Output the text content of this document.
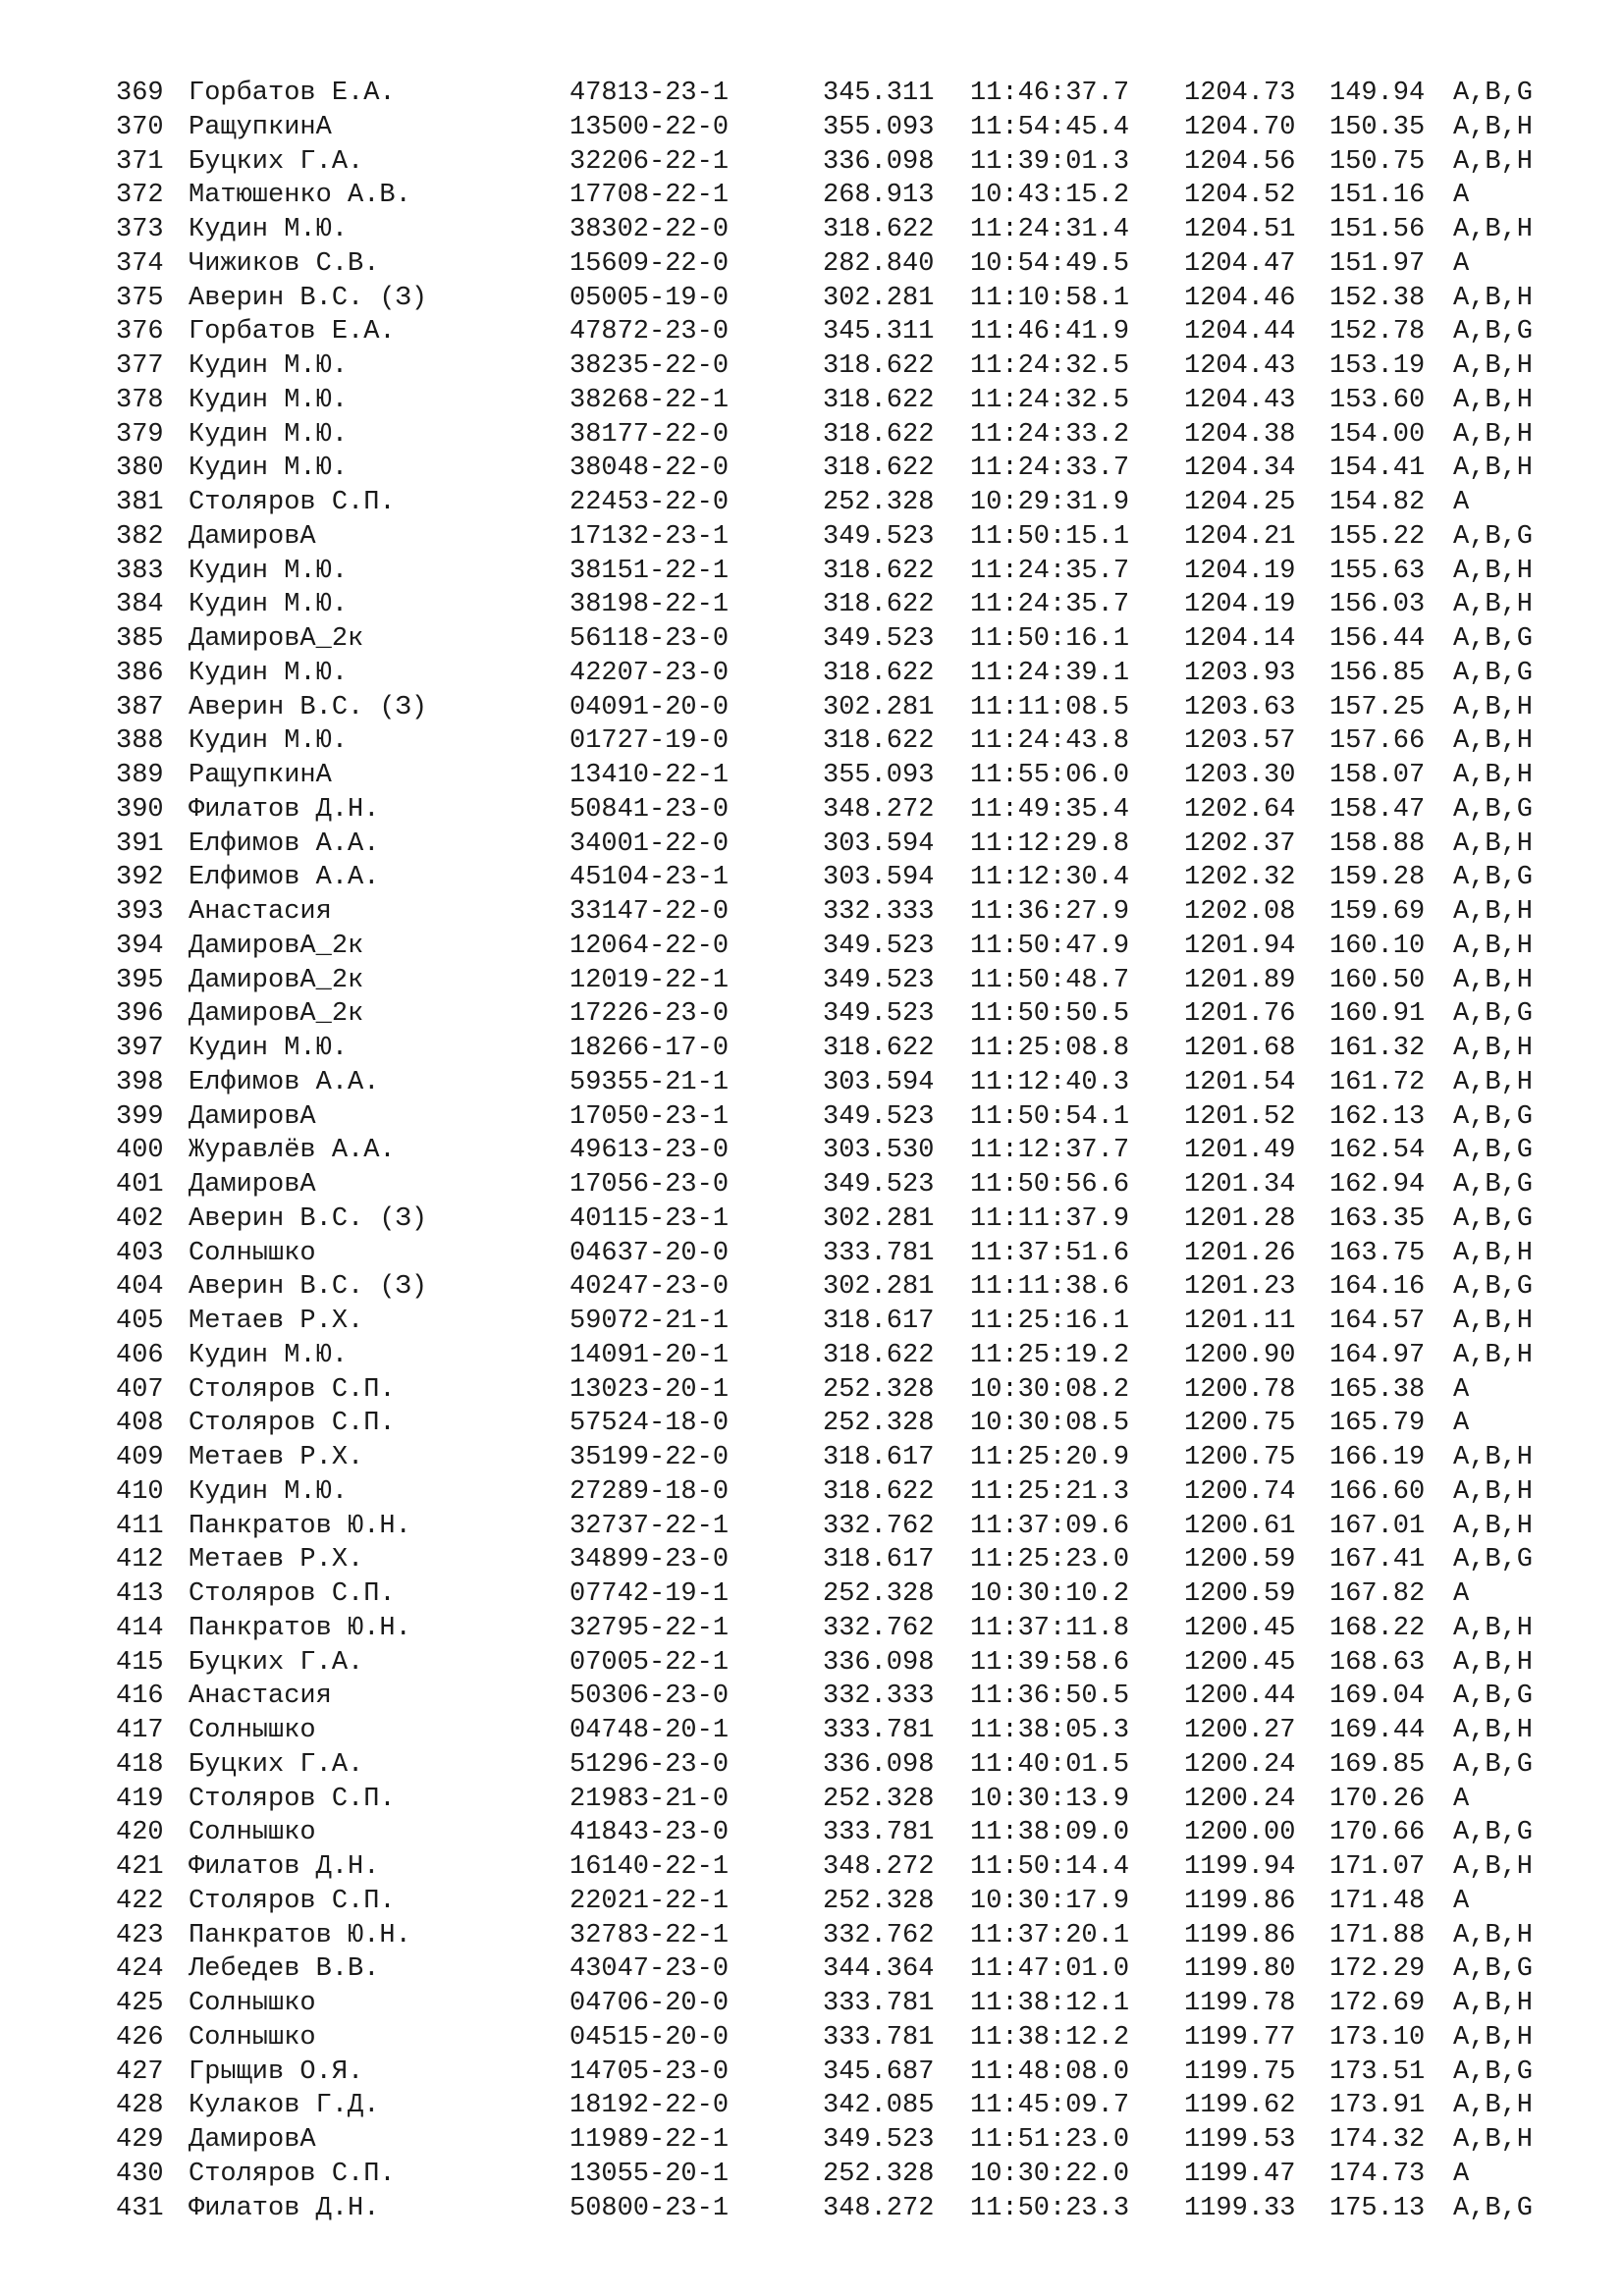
369 Горбатов Е.А.	47813-23-1	345.311 11:46:37.7 1204.73 149.94 A,B,G
370 РащупкинА	13500-22-0	355.093 11:54:45.4 1204.70 150.35 A,B,H
371 Буцких Г.А.	32206-22-1	336.098 11:39:01.3 1204.56 150.75 A,B,H
372 Матюшенко А.В.	17708-22-1	268.913 10:43:15.2 1204.52 151.16 A
373 Кудин М.Ю.	38302-22-0	318.622 11:24:31.4 1204.51 151.56 A,B,H
374 Чижиков С.В.	15609-22-0	282.840 10:54:49.5 1204.47 151.97 A
375 Аверин В.С. (З)	05005-19-0	302.281 11:10:58.1 1204.46 152.38 A,B,H
376 Горбатов Е.А.	47872-23-0	345.311 11:46:41.9 1204.44 152.78 A,B,G
377 Кудин М.Ю.	38235-22-0	318.622 11:24:32.5 1204.43 153.19 A,B,H
378 Кудин М.Ю.	38268-22-1	318.622 11:24:32.5 1204.43 153.60 A,B,H
379 Кудин М.Ю.	38177-22-0	318.622 11:24:33.2 1204.38 154.00 A,B,H
380 Кудин М.Ю.	38048-22-0	318.622 11:24:33.7 1204.34 154.41 A,B,H
381 Столяров С.П.	22453-22-0	252.328 10:29:31.9 1204.25 154.82 A
382 ДамировА	17132-23-1	349.523 11:50:15.1 1204.21 155.22 A,B,G
383 Кудин М.Ю.	38151-22-1	318.622 11:24:35.7 1204.19 155.63 A,B,H
384 Кудин М.Ю.	38198-22-1	318.622 11:24:35.7 1204.19 156.03 A,B,H
385 ДамировА_2к	56118-23-0	349.523 11:50:16.1 1204.14 156.44 A,B,G
386 Кудин М.Ю.	42207-23-0	318.622 11:24:39.1 1203.93 156.85 A,B,G
387 Аверин В.С. (З)	04091-20-0	302.281 11:11:08.5 1203.63 157.25 A,B,H
388 Кудин М.Ю.	01727-19-0	318.622 11:24:43.8 1203.57 157.66 A,B,H
389 РащупкинА	13410-22-1	355.093 11:55:06.0 1203.30 158.07 A,B,H
390 Филатов Д.Н.	50841-23-0	348.272 11:49:35.4 1202.64 158.47 A,B,G
391 Елфимов А.А.	34001-22-0	303.594 11:12:29.8 1202.37 158.88 A,B,H
392 Елфимов А.А.	45104-23-1	303.594 11:12:30.4 1202.32 159.28 A,B,G
393 Анастасия	33147-22-0	332.333 11:36:27.9 1202.08 159.69 A,B,H
394 ДамировА_2к	12064-22-0	349.523 11:50:47.9 1201.94 160.10 A,B,H
395 ДамировА_2к	12019-22-1	349.523 11:50:48.7 1201.89 160.50 A,B,H
396 ДамировА_2к	17226-23-0	349.523 11:50:50.5 1201.76 160.91 A,B,G
397 Кудин М.Ю.	18266-17-0	318.622 11:25:08.8 1201.68 161.32 A,B,H
398 Елфимов А.А.	59355-21-1	303.594 11:12:40.3 1201.54 161.72 A,B,H
399 ДамировА	17050-23-1	349.523 11:50:54.1 1201.52 162.13 A,B,G
400 Журавлёв А.А.	49613-23-0	303.530 11:12:37.7 1201.49 162.54 A,B,G
401 ДамировА	17056-23-0	349.523 11:50:56.6 1201.34 162.94 A,B,G
402 Аверин В.С. (З)	40115-23-1	302.281 11:11:37.9 1201.28 163.35 A,B,G
403 Солнышко	04637-20-0	333.781 11:37:51.6 1201.26 163.75 A,B,H
404 Аверин В.С. (З)	40247-23-0	302.281 11:11:38.6 1201.23 164.16 A,B,G
405 Метаев Р.Х.	59072-21-1	318.617 11:25:16.1 1201.11 164.57 A,B,H
406 Кудин М.Ю.	14091-20-1	318.622 11:25:19.2 1200.90 164.97 A,B,H
407 Столяров С.П.	13023-20-1	252.328 10:30:08.2 1200.78 165.38 A
408 Столяров С.П.	57524-18-0	252.328 10:30:08.5 1200.75 165.79 A
409 Метаев Р.Х.	35199-22-0	318.617 11:25:20.9 1200.75 166.19 A,B,H
410 Кудин М.Ю.	27289-18-0	318.622 11:25:21.3 1200.74 166.60 A,B,H
411 Панкратов Ю.Н.	32737-22-1	332.762 11:37:09.6 1200.61 167.01 A,B,H
412 Метаев Р.Х.	34899-23-0	318.617 11:25:23.0 1200.59 167.41 A,B,G
413 Столяров С.П.	07742-19-1	252.328 10:30:10.2 1200.59 167.82 A
414 Панкратов Ю.Н.	32795-22-1	332.762 11:37:11.8 1200.45 168.22 A,B,H
415 Буцких Г.А.	07005-22-1	336.098 11:39:58.6 1200.45 168.63 A,B,H
416 Анастасия	50306-23-0	332.333 11:36:50.5 1200.44 169.04 A,B,G
417 Солнышко	04748-20-1	333.781 11:38:05.3 1200.27 169.44 A,B,H
418 Буцких Г.А.	51296-23-0	336.098 11:40:01.5 1200.24 169.85 A,B,G
419 Столяров С.П.	21983-21-0	252.328 10:30:13.9 1200.24 170.26 A
420 Солнышко	41843-23-0	333.781 11:38:09.0 1200.00 170.66 A,B,G
421 Филатов Д.Н.	16140-22-1	348.272 11:50:14.4 1199.94 171.07 A,B,H
422 Столяров С.П.	22021-22-1	252.328 10:30:17.9 1199.86 171.48 A
423 Панкратов Ю.Н.	32783-22-1	332.762 11:37:20.1 1199.86 171.88 A,B,H
424 Лебедев В.В.	43047-23-0	344.364 11:47:01.0 1199.80 172.29 A,B,G
425 Солнышко	04706-20-0	333.781 11:38:12.1 1199.78 172.69 A,B,H
426 Солнышко	04515-20-0	333.781 11:38:12.2 1199.77 173.10 A,B,H
427 Грыщив О.Я.	14705-23-0	345.687 11:48:08.0 1199.75 173.51 A,B,G
428 Кулаков Г.Д.	18192-22-0	342.085 11:45:09.7 1199.62 173.91 A,B,H
429 ДамировА	11989-22-1	349.523 11:51:23.0 1199.53 174.32 A,B,H
430 Столяров С.П.	13055-20-1	252.328 10:30:22.0 1199.47 174.73 A
431 Филатов Д.Н.	50800-23-1	348.272 11:50:23.3 1199.33 175.13 A,B,G
